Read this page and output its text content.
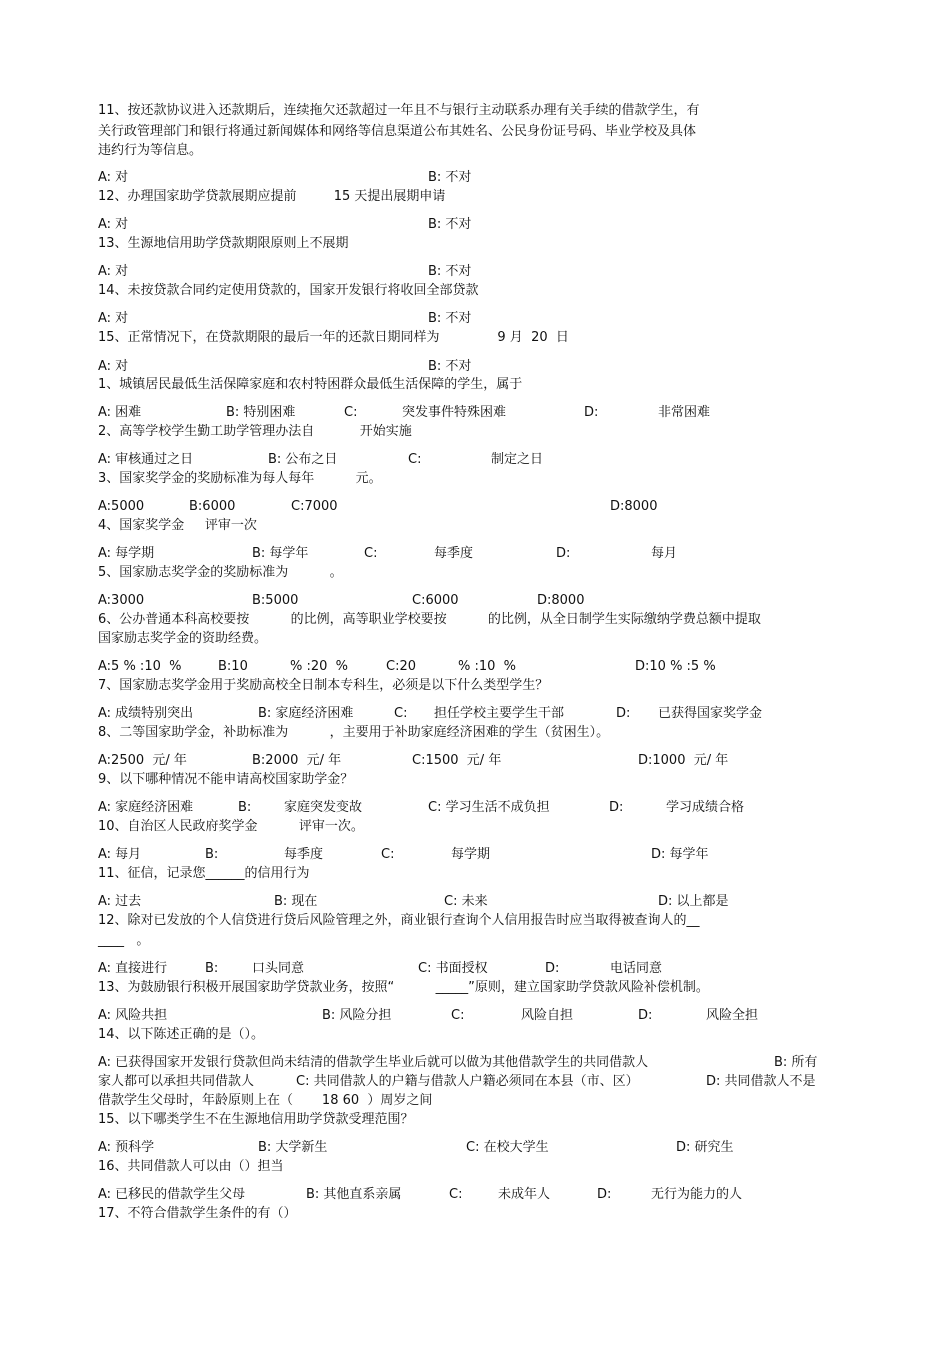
11、按还款协议进入还款期后，连续拖欠还款超过一年且不与银行主动联系办理有关手续的借款学生，有
关行政管理部门和银行将通过新闻媒体和网络等信息渠道公布其姓名、公民身份证号码、毕业学校及具体
违约行为等信息。
A: 对	B: 不对
12、办理国家助学贷款展期应提前         15 天提出展期申请
A: 对	B: 不对
13、生源地信用助学贷款期限原则上不展期
A: 对	B: 不对
14、未按贷款合同约定使用贷款的，国家开发银行将收回全部贷款
A: 对	B: 不对
15、正常情况下，在贷款期限的最后一年的还款日期同样为              9 月  20  日
A: 对	B: 不对
1、城镇居民最低生活保障家庭和农村特困群众最低生活保障的学生，属于
A: 困难	B: 特别困难	C:	突发事件特殊困难	D:	非常困难
2、高等学校学生勤工助学管理办法自           开始实施
A: 审核通过之日	B: 公布之日	C:	制定之日
3、国家奖学金的奖励标准为每人每年          元。
A:5000	B:6000	C:7000	D:8000
4、国家奖学金     评审一次
A: 每学期	B: 每学年	C:	每季度	D:	每月
5、国家励志奖学金的奖励标准为          。
A:3000	B:5000	C:6000	D:8000
6、公办普通本科高校要按          的比例，高等职业学校要按          的比例，从全日制学生实际缴纳学费总额中提取
国家励志奖学金的资助经费。
A:5 % :10  %	B:10	% :20  %	C:20	% :10  %	D:10 % :5 %
7、国家励志奖学金用于奖励高校全日制本专科生，必须是以下什么类型学生？
A: 成绩特别突出	B: 家庭经济困难	C: 担任学校主要学生干部	D: 已获得国家奖学金
8、二等国家助学金，补助标准为          ，主要用于补助家庭经济困难的学生（贫困生）。
A:2500  元/ 年	B:2000  元/ 年	C:1500  元/ 年	D:1000  元/ 年
9、以下哪种情况不能申请高校国家助学金？
A: 家庭经济困难	B:	家庭突发变故	C: 学习生活不成负担	D:	学习成绩合格
10、自治区人民政府奖学金          评审一次。
A: 每月	B:	每季度	C:	每学期	D: 每学年
11、征信，记录您______的信用行为
A: 过去	B: 现在	C: 未来	D: 以上都是
12、除对已发放的个人信贷进行贷后风险管理之外，商业银行查询个人信用报告时应当取得被查询人的__
____   。
A: 直接进行	B:	口头同意	C: 书面授权	D:	电话同意
13、为鼓励银行积极开展国家助学贷款业务，按照“          _____”原则，建立国家助学贷款风险补偿机制。
A: 风险共担	B: 风险分担	C:	风险自担	D:	风险全担
14、以下陈述正确的是（）。
A: 已获得国家开发银行贷款但尚未结清的借款学生毕业后就可以做为其他借款学生的共同借款人	B: 所有
家人都可以承担共同借款人	C: 共同借款人的户籍与借款人户籍必须同在本县（市、区）	D: 共同借款人不是
借款学生父母时，年龄原则上在（       18 60  ）周岁之间
15、以下哪类学生不在生源地信用助学贷款受理范围？
A: 预科学	B: 大学新生	C: 在校大学生	D: 研究生
16、共同借款人可以由（）担当
A: 已移民的借款学生父母	B: 其他直系亲属	C:	未成年人	D:	无行为能力的人
17、不符合借款学生条件的有（）
